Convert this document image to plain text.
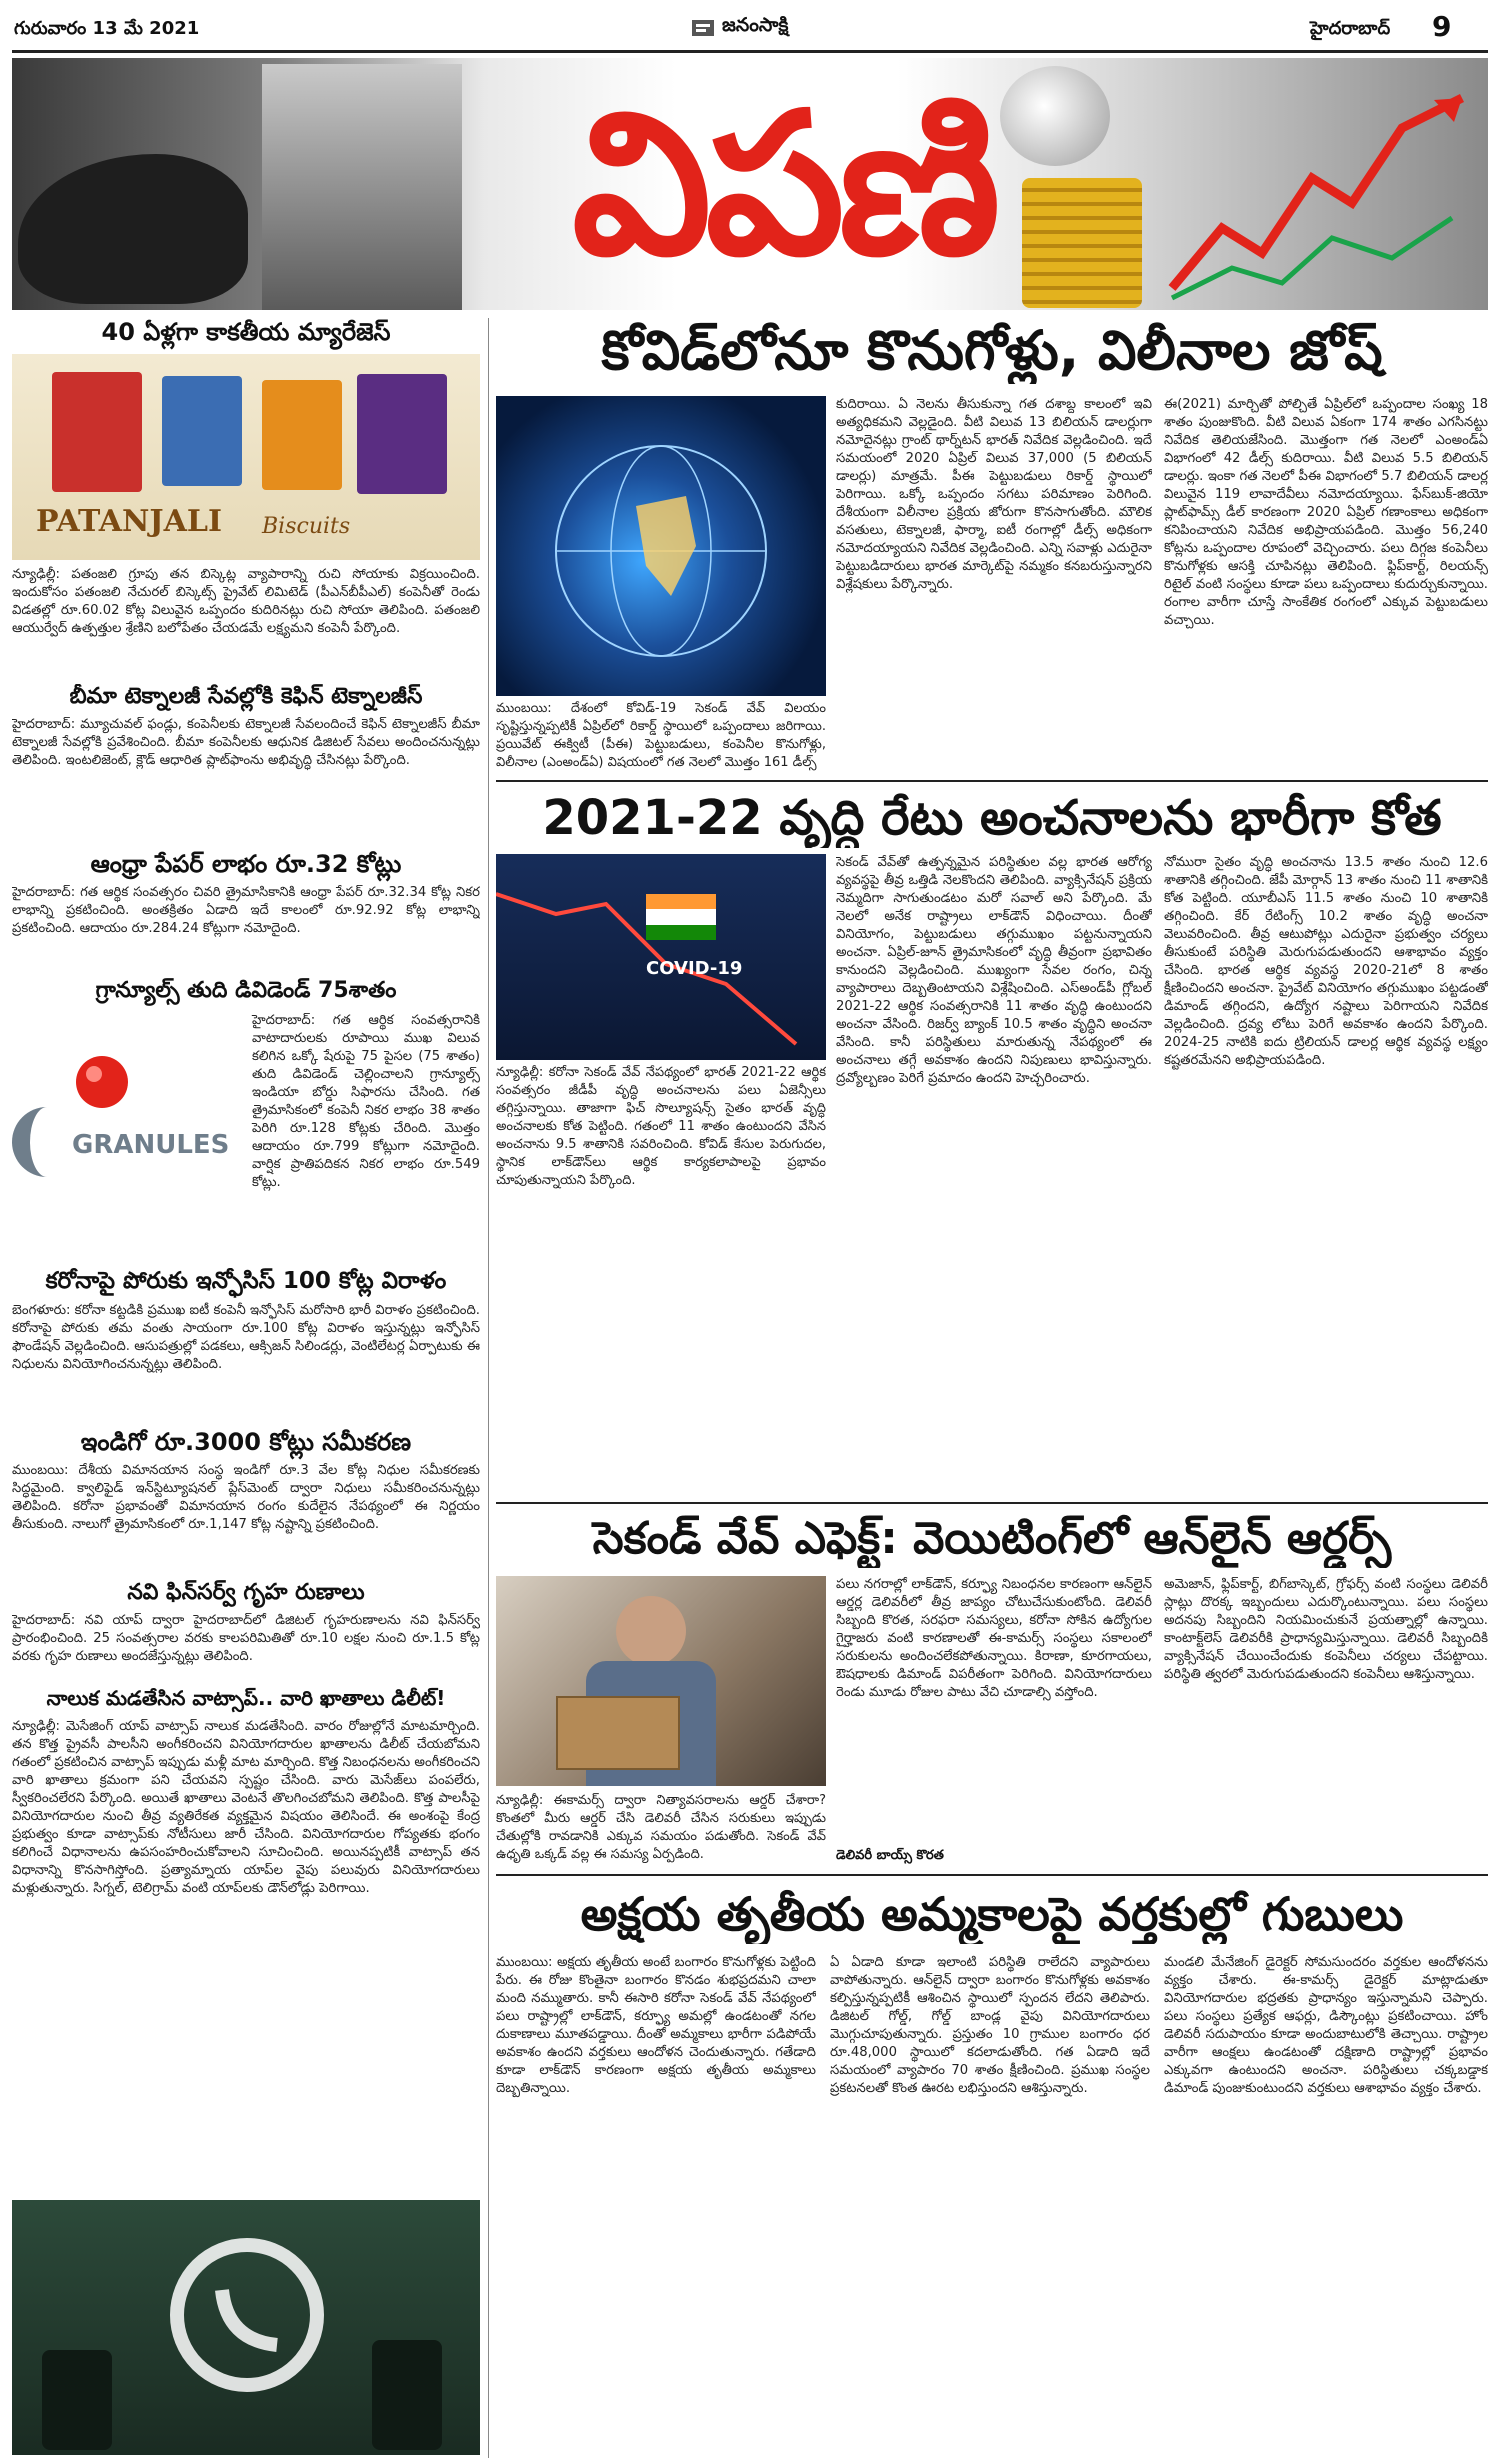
గురువారం 13 మే 2021	జనంసాక్షి	హైదరాబాద్ 9
విపణి
40 ఏళ్లగా కాకతీయ మ్యారేజెస్
PATANJALI Biscuits
న్యూఢిల్లీ: పతంజలి గ్రూపు తన బిస్కెట్ల వ్యాపారాన్ని రుచి సోయాకు విక్రయించింది. ఇందుకోసం పతంజలి నేచురల్ బిస్కెట్స్ ప్రైవేట్ లిమిటెడ్ (పీఎన్‌బీపీఎల్) కంపెనీతో రెండు విడతల్లో రూ.60.02 కోట్ల విలువైన ఒప్పందం కుదిరినట్లు రుచి సోయా తెలిపింది. పతంజలి ఆయుర్వేద్ ఉత్పత్తుల శ్రేణిని బలోపేతం చేయడమే లక్ష్యమని కంపెనీ పేర్కొంది.
బీమా టెక్నాలజీ సేవల్లోకి కెఫిన్ టెక్నాలజీస్
హైదరాబాద్: మ్యూచువల్ ఫండ్లు, కంపెనీలకు టెక్నాలజీ సేవలందించే కెఫిన్ టెక్నాలజీస్ బీమా టెక్నాలజీ సేవల్లోకి ప్రవేశించింది. బీమా కంపెనీలకు ఆధునిక డిజిటల్ సేవలు అందించనున్నట్లు తెలిపింది. ఇంటలిజెంట్, క్లౌడ్ ఆధారిత ప్లాట్‌ఫాంను అభివృద్ధి చేసినట్లు పేర్కొంది.
ఆంధ్రా పేపర్ లాభం రూ.32 కోట్లు
హైదరాబాద్: గత ఆర్థిక సంవత్సరం చివరి త్రైమాసికానికి ఆంధ్రా పేపర్ రూ.32.34 కోట్ల నికర లాభాన్ని ప్రకటించింది. అంతక్రితం ఏడాది ఇదే కాలంలో రూ.92.92 కోట్ల లాభాన్ని ప్రకటించింది. ఆదాయం రూ.284.24 కోట్లుగా నమోదైంది.
గ్రాన్యూల్స్ తుది డివిడెండ్ 75శాతం
GRANULES
హైదరాబాద్: గత ఆర్థిక సంవత్సరానికి వాటాదారులకు రూపాయి ముఖ విలువ కలిగిన ఒక్కో షేరుపై 75 పైసల (75 శాతం) తుది డివిడెండ్ చెల్లించాలని గ్రాన్యూల్స్ ఇండియా బోర్డు సిఫారసు చేసింది. గత త్రైమాసికంలో కంపెనీ నికర లాభం 38 శాతం పెరిగి రూ.128 కోట్లకు చేరింది. మొత్తం ఆదాయం రూ.799 కోట్లుగా నమోదైంది. వార్షిక ప్రాతిపదికన నికర లాభం రూ.549 కోట్లు.
కరోనాపై పోరుకు ఇన్ఫోసిస్ 100 కోట్ల విరాళం
బెంగళూరు: కరోనా కట్టడికి ప్రముఖ ఐటీ కంపెనీ ఇన్ఫోసిస్ మరోసారి భారీ విరాళం ప్రకటించింది. కరోనాపై పోరుకు తమ వంతు సాయంగా రూ.100 కోట్ల విరాళం ఇస్తున్నట్లు ఇన్ఫోసిస్ ఫౌండేషన్ వెల్లడించింది. ఆసుపత్రుల్లో పడకలు, ఆక్సిజన్ సిలిండర్లు, వెంటిలేటర్ల ఏర్పాటుకు ఈ నిధులను వినియోగించనున్నట్లు తెలిపింది.
ఇండిగో రూ.3000 కోట్లు సమీకరణ
ముంబయి: దేశీయ విమానయాన సంస్థ ఇండిగో రూ.3 వేల కోట్ల నిధుల సమీకరణకు సిద్ధమైంది. క్వాలిఫైడ్ ఇన్‌స్టిట్యూషనల్ ప్లేస్‌మెంట్ ద్వారా నిధులు సమీకరించనున్నట్లు తెలిపింది. కరోనా ప్రభావంతో విమానయాన రంగం కుదేలైన నేపథ్యంలో ఈ నిర్ణయం తీసుకుంది. నాలుగో త్రైమాసికంలో రూ.1,147 కోట్ల నష్టాన్ని ప్రకటించింది.
నవి ఫిన్‌సర్వ్ గృహ రుణాలు
హైదరాబాద్: నవి యాప్ ద్వారా హైదరాబాద్‌లో డిజిటల్ గృహరుణాలను నవి ఫిన్‌సర్వ్ ప్రారంభించింది. 25 సంవత్సరాల వరకు కాలపరిమితితో రూ.10 లక్షల నుంచి రూ.1.5 కోట్ల వరకు గృహ రుణాలు అందజేస్తున్నట్లు తెలిపింది.
నాలుక మడతేసిన వాట్సాప్.. వారి ఖాతాలు డిలీట్!
న్యూఢిల్లీ: మెసేజింగ్ యాప్ వాట్సాప్ నాలుక మడతేసింది. వారం రోజుల్లోనే మాటమార్చింది. తన కొత్త ప్రైవసీ పాలసీని అంగీకరించని వినియోగదారుల ఖాతాలను డిలీట్ చేయబోమని గతంలో ప్రకటించిన వాట్సాప్ ఇప్పుడు మళ్లీ మాట మార్చింది. కొత్త నిబంధనలను అంగీకరించని వారి ఖాతాలు క్రమంగా పని చేయవని స్పష్టం చేసింది. వారు మెసేజ్‌లు పంపలేరు, స్వీకరించలేరని పేర్కొంది. అయితే ఖాతాలు వెంటనే తొలగించబోమని తెలిపింది. కొత్త పాలసీపై వినియోగదారుల నుంచి తీవ్ర వ్యతిరేకత వ్యక్తమైన విషయం తెలిసిందే. ఈ అంశంపై కేంద్ర ప్రభుత్వం కూడా వాట్సాప్‌కు నోటీసులు జారీ చేసింది. వినియోగదారుల గోప్యతకు భంగం కలిగించే విధానాలను ఉపసంహరించుకోవాలని సూచించింది. అయినప్పటికీ వాట్సాప్ తన విధానాన్ని కొనసాగిస్తోంది. ప్రత్యామ్నాయ యాప్‌ల వైపు పలువురు వినియోగదారులు మళ్లుతున్నారు. సిగ్నల్, టెలిగ్రామ్ వంటి యాప్‌లకు డౌన్‌లోడ్లు పెరిగాయి.
కోవిడ్‌లోనూ కొనుగోళ్లు, విలీనాల జోష్
ముంబయి: దేశంలో కోవిడ్-19 సెకండ్ వేవ్ విలయం సృష్టిస్తున్నప్పటికీ ఏప్రిల్‌లో రికార్డ్ స్థాయిలో ఒప్పందాలు జరిగాయి. ప్రయివేట్ ఈక్విటీ (పీఈ) పెట్టుబడులు, కంపెనీల కొనుగోళ్లు, విలీనాల (ఎంఅండ్ఏ) విషయంలో గత నెలలో మొత్తం 161 డీల్స్
కుదిరాయి. ఏ నెలను తీసుకున్నా గత దశాబ్ద కాలంలో ఇవి అత్యధికమని వెల్లడైంది. వీటి విలువ 13 బిలియన్ డాలర్లుగా నమోదైనట్లు గ్రాంట్ థార్న్‌టన్ భారత్ నివేదిక వెల్లడించింది. ఇదే సమయంలో 2020 ఏప్రిల్ విలువ 37,000 (5 బిలియన్ డాలర్లు) మాత్రమే. పీఈ పెట్టుబడులు రికార్డ్ స్థాయిలో పెరిగాయి. ఒక్కో ఒప్పందం సగటు పరిమాణం పెరిగింది. దేశీయంగా విలీనాల ప్రక్రియ జోరుగా కొనసాగుతోంది. మౌలిక వసతులు, టెక్నాలజీ, ఫార్మా, ఐటీ రంగాల్లో డీల్స్ అధికంగా నమోదయ్యాయని నివేదిక వెల్లడించింది. ఎన్ని సవాళ్లు ఎదురైనా పెట్టుబడిదారులు భారత మార్కెట్‌పై నమ్మకం కనబరుస్తున్నారని విశ్లేషకులు పేర్కొన్నారు.
ఈ(2021) మార్చితో పోల్చితే ఏప్రిల్‌లో ఒప్పందాల సంఖ్య 18 శాతం పుంజుకొంది. వీటి విలువ ఏకంగా 174 శాతం ఎగసినట్టు నివేదిక తెలియజేసింది. మొత్తంగా గత నెలలో ఎంఅండ్ఏ విభాగంలో 42 డీల్స్ కుదిరాయి. వీటి విలువ 5.5 బిలియన్ డాలర్లు. ఇంకా గత నెలలో పీఈ విభాగంలో 5.7 బిలియన్ డాలర్ల విలువైన 119 లావాదేవీలు నమోదయ్యాయి. ఫేస్‌బుక్-జియో ప్లాట్‌ఫామ్స్ డీల్ కారణంగా 2020 ఏప్రిల్ గణాంకాలు అధికంగా కనిపించాయని నివేదిక అభిప్రాయపడింది. మొత్తం 56,240 కోట్లను ఒప్పందాల రూపంలో వెచ్చించారు. పలు దిగ్గజ కంపెనీలు కొనుగోళ్లకు ఆసక్తి చూపినట్లు తెలిపింది. ఫ్లిప్‌కార్ట్, రిలయన్స్ రిటైల్ వంటి సంస్థలు కూడా పలు ఒప్పందాలు కుదుర్చుకున్నాయి. రంగాల వారీగా చూస్తే సాంకేతిక రంగంలో ఎక్కువ పెట్టుబడులు వచ్చాయి.
2021-22 వృద్ధి రేటు అంచనాలను భారీగా కోత
COVID-19
న్యూఢిల్లీ: కరోనా సెకండ్ వేవ్ నేపథ్యంలో భారత్ 2021-22 ఆర్థిక సంవత్సరం జీడీపీ వృద్ధి అంచనాలను పలు ఏజెన్సీలు తగ్గిస్తున్నాయి. తాజాగా ఫిచ్ సొల్యూషన్స్ సైతం భారత్ వృద్ధి అంచనాలకు కోత పెట్టింది. గతంలో 11 శాతం ఉంటుందని వేసిన అంచనాను 9.5 శాతానికి సవరించింది. కోవిడ్ కేసుల పెరుగుదల, స్థానిక లాక్‌డౌన్‌లు ఆర్థిక కార్యకలాపాలపై ప్రభావం చూపుతున్నాయని పేర్కొంది.
సెకండ్ వేవ్‌తో ఉత్పన్నమైన పరిస్థితుల వల్ల భారత ఆరోగ్య వ్యవస్థపై తీవ్ర ఒత్తిడి నెలకొందని తెలిపింది. వ్యాక్సినేషన్ ప్రక్రియ నెమ్మదిగా సాగుతుండటం మరో సవాల్ అని పేర్కొంది. మే నెలలో అనేక రాష్ట్రాలు లాక్‌డౌన్ విధించాయి. దీంతో వినియోగం, పెట్టుబడులు తగ్గుముఖం పట్టనున్నాయని అంచనా. ఏప్రిల్-జూన్ త్రైమాసికంలో వృద్ధి తీవ్రంగా ప్రభావితం కానుందని వెల్లడించింది. ముఖ్యంగా సేవల రంగం, చిన్న వ్యాపారాలు దెబ్బతింటాయని విశ్లేషించింది. ఎస్అండ్‌పీ గ్లోబల్ 2021-22 ఆర్థిక సంవత్సరానికి 11 శాతం వృద్ధి ఉంటుందని అంచనా వేసింది. రిజర్వ్ బ్యాంక్ 10.5 శాతం వృద్ధిని అంచనా వేసింది. కానీ పరిస్థితులు మారుతున్న నేపథ్యంలో ఈ అంచనాలు తగ్గే అవకాశం ఉందని నిపుణులు భావిస్తున్నారు. ద్రవ్యోల్బణం పెరిగే ప్రమాదం ఉందని హెచ్చరించారు.
నోమురా సైతం వృద్ధి అంచనాను 13.5 శాతం నుంచి 12.6 శాతానికి తగ్గించింది. జేపీ మోర్గాన్ 13 శాతం నుంచి 11 శాతానికి కోత పెట్టింది. యూబీఎస్ 11.5 శాతం నుంచి 10 శాతానికి తగ్గించింది. కేర్ రేటింగ్స్ 10.2 శాతం వృద్ధి అంచనా వెలువరించింది. తీవ్ర ఆటుపోట్లు ఎదురైనా ప్రభుత్వం చర్యలు తీసుకుంటే పరిస్థితి మెరుగుపడుతుందని ఆశాభావం వ్యక్తం చేసింది. భారత ఆర్థిక వ్యవస్థ 2020-21లో 8 శాతం క్షీణించిందని అంచనా. ప్రైవేట్ వినియోగం తగ్గుముఖం పట్టడంతో డిమాండ్ తగ్గిందని, ఉద్యోగ నష్టాలు పెరిగాయని నివేదిక వెల్లడించింది. ద్రవ్య లోటు పెరిగే అవకాశం ఉందని పేర్కొంది. 2024-25 నాటికి ఐదు ట్రిలియన్ డాలర్ల ఆర్థిక వ్యవస్థ లక్ష్యం కష్టతరమేనని అభిప్రాయపడింది.
సెకండ్ వేవ్ ఎఫెక్ట్: వెయిటింగ్‌లో ఆన్‌లైన్ ఆర్డర్స్
న్యూఢిల్లీ: ఈకామర్స్ ద్వారా నిత్యావసరాలను ఆర్డర్ చేశారా? కొంతలో మీరు ఆర్డర్ చేసి డెలివరీ చేసిన సరుకులు ఇప్పుడు చేతుల్లోకి రావడానికి ఎక్కువ సమయం పడుతోంది. సెకండ్ వేవ్ ఉధృతి ఒక్కడ్ వల్ల ఈ సమస్య ఏర్పడింది.
పలు నగరాల్లో లాక్‌డౌన్, కర్ఫ్యూ నిబంధనల కారణంగా ఆన్‌లైన్ ఆర్డర్ల డెలివరీలో తీవ్ర జాప్యం చోటుచేసుకుంటోంది. డెలివరీ సిబ్బంది కొరత, సరఫరా సమస్యలు, కరోనా సోకిన ఉద్యోగుల గైర్హాజరు వంటి కారణాలతో ఈ-కామర్స్ సంస్థలు సకాలంలో సరుకులను అందించలేకపోతున్నాయి. కిరాణా, కూరగాయలు, ఔషధాలకు డిమాండ్ విపరీతంగా పెరిగింది. వినియోగదారులు రెండు మూడు రోజుల పాటు వేచి చూడాల్సి వస్తోంది.
డెలివరీ బాయ్స్ కొరత
అమెజాన్, ఫ్లిప్‌కార్ట్, బిగ్‌బాస్కెట్, గ్రోఫర్స్ వంటి సంస్థలు డెలివరీ స్లాట్లు దొరక్క ఇబ్బందులు ఎదుర్కొంటున్నాయి. పలు సంస్థలు అదనపు సిబ్బందిని నియమించుకునే ప్రయత్నాల్లో ఉన్నాయి. కాంటాక్ట్‌లెస్ డెలివరీకి ప్రాధాన్యమిస్తున్నాయి. డెలివరీ సిబ్బందికి వ్యాక్సినేషన్ చేయించేందుకు కంపెనీలు చర్యలు చేపట్టాయి. పరిస్థితి త్వరలో మెరుగుపడుతుందని కంపెనీలు ఆశిస్తున్నాయి.
అక్షయ తృతీయ అమ్మకాలపై వర్తకుల్లో గుబులు
ముంబయి: అక్షయ తృతీయ అంటే బంగారం కొనుగోళ్లకు పెట్టింది పేరు. ఈ రోజు కొంతైనా బంగారం కొనడం శుభప్రదమని చాలా మంది నమ్ముతారు. కానీ ఈసారి కరోనా సెకండ్ వేవ్ నేపథ్యంలో పలు రాష్ట్రాల్లో లాక్‌డౌన్, కర్ఫ్యూ అమల్లో ఉండటంతో నగల దుకాణాలు మూతపడ్డాయి. దీంతో అమ్మకాలు భారీగా పడిపోయే అవకాశం ఉందని వర్తకులు ఆందోళన చెందుతున్నారు. గతేడాది కూడా లాక్‌డౌన్ కారణంగా అక్షయ తృతీయ అమ్మకాలు దెబ్బతిన్నాయి.
ఏ ఏడాది కూడా ఇలాంటి పరిస్థితి రాలేదని వ్యాపారులు వాపోతున్నారు. ఆన్‌లైన్ ద్వారా బంగారం కొనుగోళ్లకు అవకాశం కల్పిస్తున్నప్పటికీ ఆశించిన స్థాయిలో స్పందన లేదని తెలిపారు. డిజిటల్ గోల్డ్, గోల్డ్ బాండ్ల వైపు వినియోగదారులు మొగ్గుచూపుతున్నారు. ప్రస్తుతం 10 గ్రాముల బంగారం ధర రూ.48,000 స్థాయిలో కదలాడుతోంది. గత ఏడాది ఇదే సమయంలో వ్యాపారం 70 శాతం క్షీణించింది. ప్రముఖ సంస్థల ప్రకటనలతో కొంత ఊరట లభిస్తుందని ఆశిస్తున్నారు.
మండలి మేనేజింగ్ డైరెక్టర్ సోమసుందరం వర్తకుల ఆందోళనను వ్యక్తం చేశారు. ఈ-కామర్స్ డైరెక్టర్ మాట్లాడుతూ వినియోగదారుల భద్రతకు ప్రాధాన్యం ఇస్తున్నామని చెప్పారు. పలు సంస్థలు ప్రత్యేక ఆఫర్లు, డిస్కౌంట్లు ప్రకటించాయి. హోం డెలివరీ సదుపాయం కూడా అందుబాటులోకి తెచ్చాయి. రాష్ట్రాల వారీగా ఆంక్షలు ఉండటంతో దక్షిణాది రాష్ట్రాల్లో ప్రభావం ఎక్కువగా ఉంటుందని అంచనా. పరిస్థితులు చక్కబడ్డాక డిమాండ్ పుంజుకుంటుందని వర్తకులు ఆశాభావం వ్యక్తం చేశారు.
